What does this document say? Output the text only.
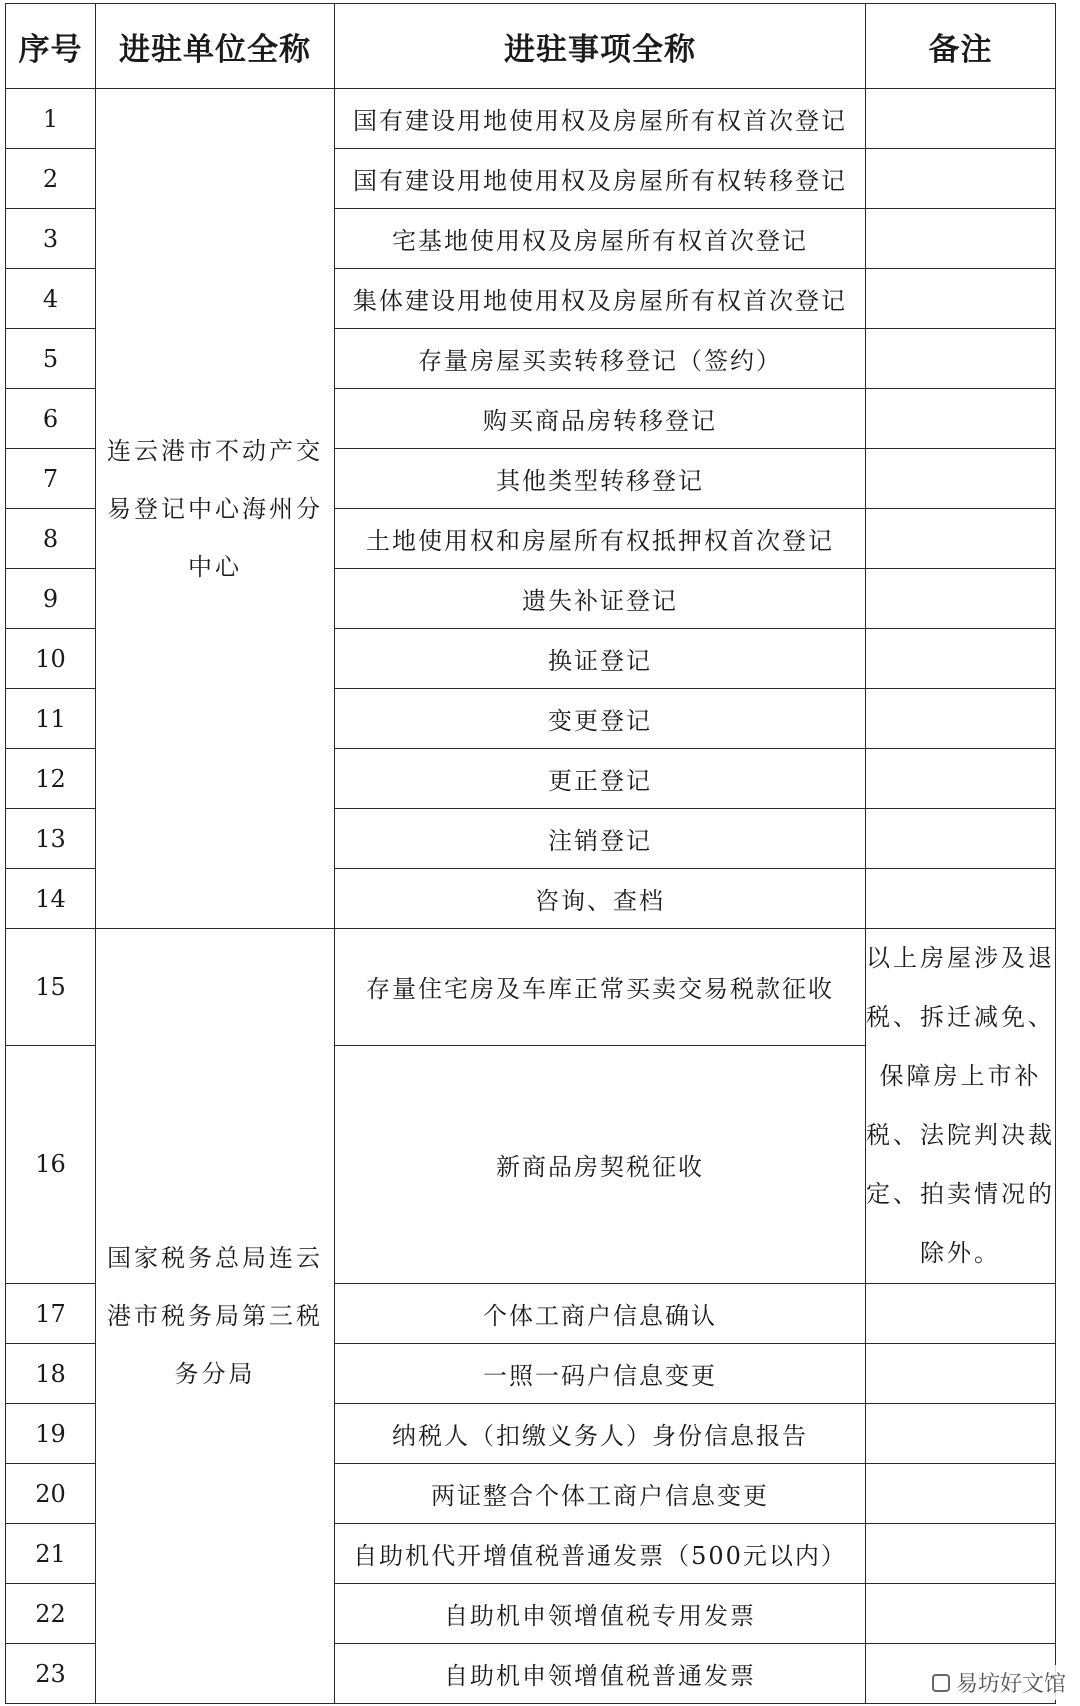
序号	进驻单位全称	进驻事项全称	备注
1	连云港市不动产交易登记中心海州分中心	国有建设用地使用权及房屋所有权首次登记	
2		国有建设用地使用权及房屋所有权转移登记	
3		宅基地使用权及房屋所有权首次登记	
4		集体建设用地使用权及房屋所有权首次登记	
5		存量房屋买卖转移登记（签约）	
6		购买商品房转移登记	
7		其他类型转移登记	
8		土地使用权和房屋所有权抵押权首次登记	
9		遗失补证登记	
10		换证登记	
11		变更登记	
12		更正登记	
13		注销登记	
14		咨询、查档	
15	国家税务总局连云港市税务局第三税务分局	存量住宅房及车库正常买卖交易税款征收	以上房屋涉及退税、拆迁减免、保障房上市补税、法院判决裁定、拍卖情况的除外。

16		新商品房契税征收	
17		个体工商户信息确认	
18		一照一码户信息变更	
19		纳税人（扣缴义务人）身份信息报告	
20		两证整合个体工商户信息变更	
21		自助机代开增值税普通发票（500元以内）	
22		自助机申领增值税专用发票	
23		自助机申领增值税普通发票		易坊好文馆
